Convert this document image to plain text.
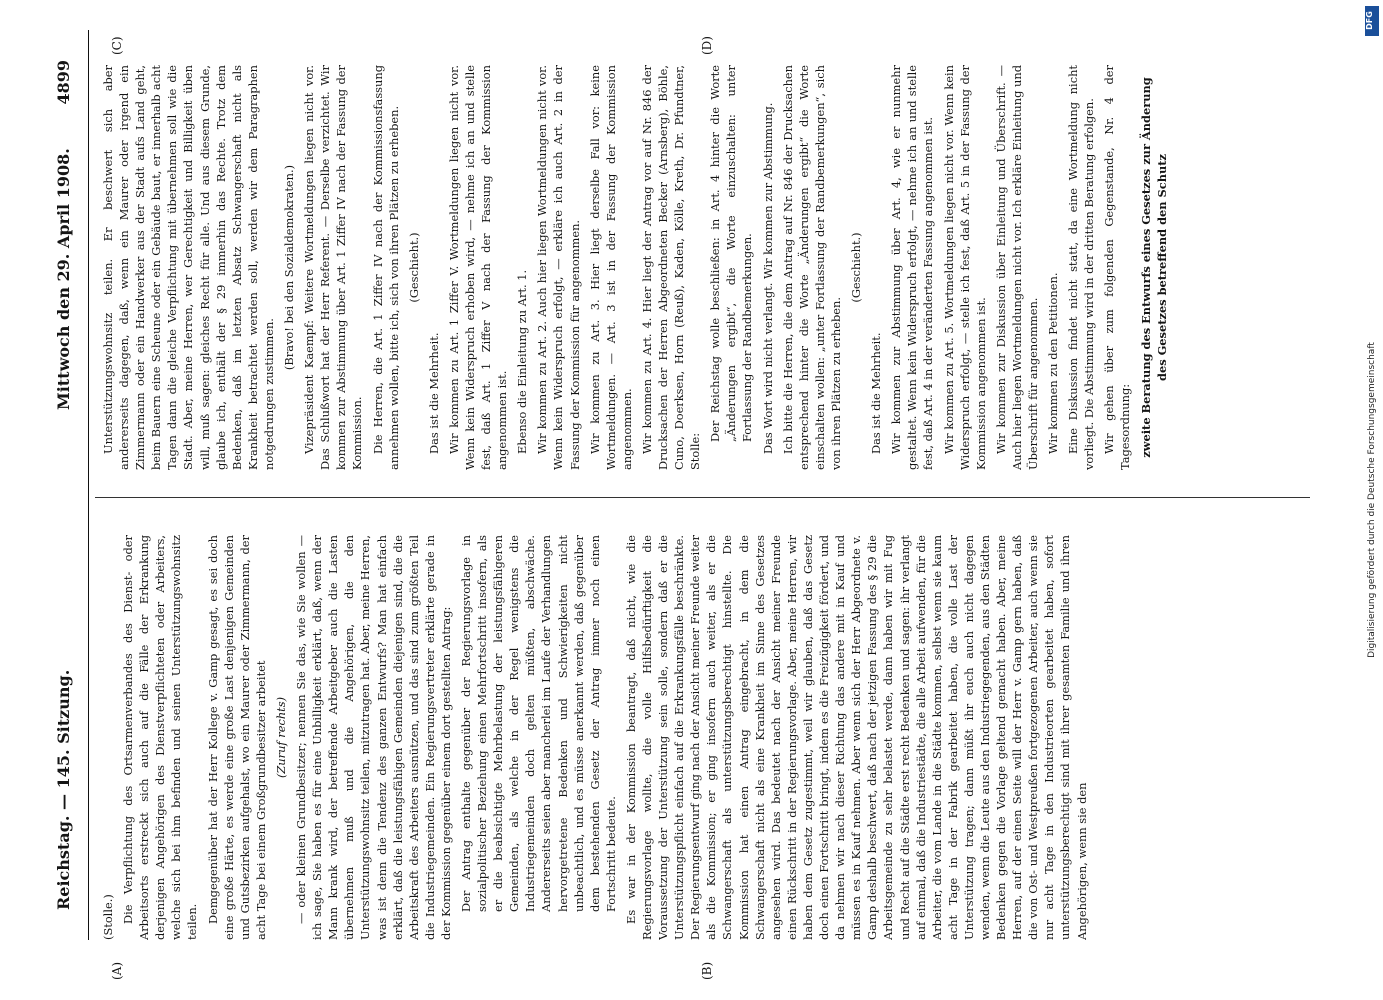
Reichstag. — 145. Sitzung.
Mittwoch den 29. April 1908.
4899
(A)	(B)
(C)	(D)

(Stolle.) Die Verpflichtung des Ortsarmenverbandes des Dienst- oder Arbeitsorts erstreckt sich auch auf die Fälle der Erkrankung derjenigen Angehörigen des Dienstverpflichteten oder Arbeiters, welche sich bei ihm befinden und seinen Unterstützungswohnsitz teilen. Demgegenüber hat der Herr Kollege v. Gamp gesagt, es sei doch eine große Härte, es werde eine große Last denjenigen Gemeinden und Gutsbezirken aufgehalst, wo ein Maurer oder Zimmermann, der acht Tage bei einem Großgrundbesitzer arbeitet (Zuruf rechts) — oder kleinen Grundbesitzer; nennen Sie das, wie Sie wollen — ich sage, Sie haben es für eine Unbilligkeit erklärt, daß, wenn der Mann krank wird, der betreffende Arbeitgeber auch die Lasten übernehmen muß und die Angehörigen, die den Unterstützungswohnsitz teilen, mitzutragen hat. Aber, meine Herren, was ist denn die Tendenz des ganzen Entwurfs? Man hat einfach erklärt, daß die leistungsfähigen Gemeinden diejenigen sind, die die Arbeitskraft des Arbeiters ausnützen, und das sind zum größten Teil die Industriegemeinden. Ein Regierungsvertreter erklärte gerade in der Kommission gegenüber einem dort gestellten Antrag: Der Antrag enthalte gegenüber der Regierungsvorlage in sozialpolitischer Beziehung einen Mehrfortschritt insofern, als er die beabsichtigte Mehrbelastung der leistungsfähigeren Gemeinden, als welche in der Regel wenigstens die Industriegemeinden doch gelten müßten, abschwäche. Andererseits seien aber mancherlei im Laufe der Verhandlungen hervorgetretene Bedenken und Schwierigkeiten nicht unbeachtlich, und es müsse anerkannt werden, daß gegenüber dem bestehenden Gesetz der Antrag immer noch einen Fortschritt bedeute. Es war in der Kommission beantragt, daß nicht, wie die Regierungsvorlage wollte, die volle Hilfsbedürftigkeit die Voraussetzung der Unterstützung sein solle, sondern daß er die Unterstützungspflicht einfach auf die Erkrankungsfälle beschränkte. Der Regierungsentwurf ging nach der Ansicht meiner Freunde weiter als die Kommission; er ging insofern auch weiter, als er die Schwangerschaft als unterstützungsberechtigt hinstellte. Die Kommission hat einen Antrag eingebracht, in dem die Schwangerschaft nicht als eine Krankheit im Sinne des Gesetzes angesehen wird. Das bedeutet nach der Ansicht meiner Freunde einen Rückschritt in der Regierungsvorlage. Aber, meine Herren, wir haben dem Gesetz zugestimmt, weil wir glauben, daß das Gesetz doch einen Fortschritt bringt, indem es die Freizügigkeit fördert, und da nehmen wir nach dieser Richtung das andere mit in Kauf und müssen es in Kauf nehmen. Aber wenn sich der Herr Abgeordnete v. Gamp deshalb beschwert, daß nach der jetzigen Fassung des § 29 die Arbeitsgemeinde zu sehr belastet werde, dann haben wir mit Fug und Recht auf die Städte erst recht Bedenken und sagen: ihr verlangt auf einmal, daß die Industriestädte, die alle Arbeit aufwenden, für die Arbeiter, die vom Lande in die Städte kommen, selbst wenn sie kaum acht Tage in der Fabrik gearbeitet haben, die volle Last der Unterstützung tragen; dann müßt ihr euch auch nicht dagegen wenden, wenn die Leute aus den Industriegegenden, aus den Städten Bedenken gegen die Vorlage geltend gemacht haben. Aber, meine Herren, auf der einen Seite will der Herr v. Gamp gern haben, daß die von Ost- und Westpreußen fortgezogenen Arbeiter, auch wenn sie nur acht Tage in den Industrieorten gearbeitet haben, sofort unterstützungsberechtigt sind mit ihrer gesamten Familie und ihren Angehörigen, wenn sie den

Unterstützungswohnsitz teilen. Er beschwert sich aber andererseits dagegen, daß, wenn ein Maurer oder irgend ein Zimmermann oder ein Handwerker aus der Stadt aufs Land geht, beim Bauern eine Scheune oder ein Gebäude baut, er innerhalb acht Tagen dann die gleiche Verpflichtung mit übernehmen soll wie die Stadt. Aber, meine Herren, wer Gerechtigkeit und Billigkeit üben will, muß sagen: gleiches Recht für alle. Und aus diesem Grunde, glaube ich, enthält der § 29 immerhin das Rechte. Trotz dem Bedenken, daß im letzten Absatz Schwangerschaft nicht als Krankheit betrachtet werden soll, werden wir dem Paragraphen notgedrungen zustimmen.

(Bravo! bei den Sozialdemokraten.) Vizepräsident Kaempf: Weitere Wortmeldungen liegen nicht vor. Das Schlußwort hat der Herr Referent. — Derselbe verzichtet. Wir kommen zur Abstimmung über Art. 1 Ziffer IV nach der Fassung der Kommission. Die Herren, die Art. 1 Ziffer IV nach der Kommissionsfassung annehmen wollen, bitte ich, sich von ihren Plätzen zu erheben. (Geschieht.)

Das ist die Mehrheit. Wir kommen zu Art. 1 Ziffer V. Wortmeldungen liegen nicht vor. Wenn kein Widerspruch erhoben wird, — nehme ich an und stelle fest, daß Art. 1 Ziffer V nach der Fassung der Kommission angenommen ist. Ebenso die Einleitung zu Art. 1. Wir kommen zu Art. 2. Auch hier liegen Wortmeldungen nicht vor. Wenn kein Widerspruch erfolgt, — erkläre ich auch Art. 2 in der Fassung der Kommission für angenommen. Wir kommen zu Art. 3. Hier liegt derselbe Fall vor: keine Wortmeldungen. — Art. 3 ist in der Fassung der Kommission angenommen. Wir kommen zu Art. 4. Hier liegt der Antrag vor auf Nr. 846 der Drucksachen der Herren Abgeordneten Becker (Arnsberg), Böhle, Cuno, Doerksen, Horn (Reuß), Kaden, Kölle, Kreth, Dr. Pfundtner, Stolle:

Der Reichstag wolle beschließen: in Art. 4 hinter die Worte „Änderungen ergibt“, die Worte einzuschalten: unter Fortlassung der Randbemerkungen. Das Wort wird nicht verlangt. Wir kommen zur Abstimmung. Ich bitte die Herren, die dem Antrag auf Nr. 846 der Drucksachen entsprechend hinter die Worte „Änderungen ergibt“ die Worte einschalten wollen: „unter Fortlassung der Randbemerkungen“, sich von ihren Plätzen zu erheben.

(Geschieht.)

Das ist die Mehrheit. Wir kommen zur Abstimmung über Art. 4, wie er nunmehr gestaltet. Wenn kein Widerspruch erfolgt, — nehme ich an und stelle fest, daß Art. 4 in der veränderten Fassung angenommen ist. Wir kommen zu Art. 5. Wortmeldungen liegen nicht vor. Wenn kein Widerspruch erfolgt, — stelle ich fest, daß Art. 5 in der Fassung der Kommission angenommen ist. Wir kommen zur Diskussion über Einleitung und Überschrift. — Auch hier liegen Wortmeldungen nicht vor. Ich erkläre Einleitung und Überschrift für angenommen. Wir kommen zu den Petitionen. Eine Diskussion findet nicht statt, da eine Wortmeldung nicht vorliegt. Die Abstimmung wird in der dritten Beratung erfolgen. Wir gehen über zum folgenden Gegenstande, Nr. 4 der Tagesordnung: zweite Beratung des Entwurfs eines Gesetzes zur Änderung des Gesetzes betreffend den Schutz

Digitalisierung gefördert durch die Deutsche Forschungsgemeinschaft
DFG
